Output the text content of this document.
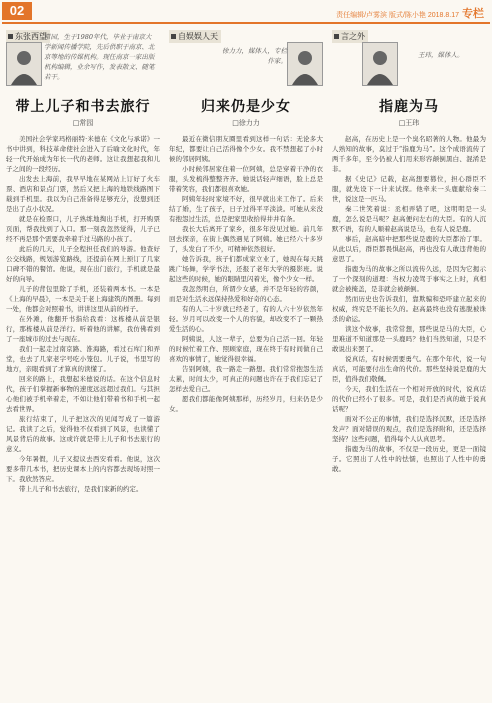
02	责任编辑/卢雾滨 版式/陈小艳 2018.8.17 专栏
东张西望
常园，生于1980年代，毕业于南京大学新闻传播学院，先后供职于南京、北京等地的传媒机构。现任南京一家出版机构编辑，业余写作，发表散文、随笔若干。
带上儿子和书去旅行
□常园

美国社会学家玛格丽特·米德在《文化与承诺》一书中讲到，科技革命使社会进入了后喻文化时代，年轻一代开始成为年长一代的老师。这让我想起我和儿子之间的一段经历。

出发去上海前，我早早地在某网站上订好了火车票、酒店和景点门票，然后又把上海的地铁线路图下载到手机里。我以为自己准备得足够充分，没想到还是出了点小状况。

就是在检票口，儿子熟练地掏出手机，打开购票页面，帮我找到了入口。那一刻我忽然觉得，儿子已经不再是那个需要我牵着手过马路的小孩了。

此后的几天，儿子全程担任我们的导游。他查好公交线路，规划游览路线，还提前在网上预订了几家口碑不错的餐馆。他说，现在出门旅行，手机就是最好的向导。

儿子的背包里除了手机，还装着两本书。一本是《上海的早晨》，一本是关于老上海建筑的图册。每到一处，他都会对照着书，讲讲这里从前的样子。

在外滩，他翻开书指给我看：这栋楼从前是银行，那栋楼从前是洋行。听着他的讲解，我仿佛看到了一座城市的过去与现在。

我们一起走过南京路、淮海路，看过石库门和弄堂，也去了几家老字号吃小笼包。儿子说，书里写的地方，亲眼看到了才算真的读懂了。

回来的路上，我想起米德说的话。在这个信息时代，孩子们掌握新事物的速度远远超过我们。与其担心他们被手机牵着走，不如让他们带着书和手机一起去看世界。

旅行结束了，儿子把这次的见闻写成了一篇游记。我读了之后，觉得他不仅看到了风景，也读懂了风景背后的故事。这或许就是带上儿子和书去旅行的意义。

今年暑假，儿子又提议去西安看看。他说，这次要多带几本书，把历史课本上的内容都去现场对照一下。我欣然答应。

带上儿子和书去旅行，是我们家新的约定。

自娱娱人天
徐力力，媒体人，专栏作家。
归来仍是少女
□徐力力

最近在微信朋友圈里看到这样一句话：无论多大年纪，都要让自己活得像个少女。我不禁想起了小时候的邻居阿姨。

小时候邻居家住着一位阿姨，总是穿着干净的衣服，头发梳得整整齐齐。她说话轻声细语，脸上总是带着笑容，我们都很喜欢她。

阿姨年轻时家境不好，很早就出来工作了。后来结了婚，生了孩子，日子过得平平淡淡。可她从来没有抱怨过生活，总是把家里收拾得井井有条。

我长大后离开了家乡，很多年没见过她。前几年回去探亲，在街上偶然遇见了阿姨。她已经六十多岁了，头发白了不少，可精神依然很好。

她告诉我，孩子们都成家立业了，她现在每天跳跳广场舞，学学书法，还报了老年大学的摄影班。说起这些的时候，她的眼睛里闪着光，像个少女一样。

我忽然明白，所谓少女感，并不是年轻的容颜，而是对生活永远保持热爱和好奇的心态。

有的人二十岁就已经老了，有的人六十岁依然年轻。岁月可以改变一个人的容貌，却改变不了一颗热爱生活的心。

阿姨说，人这一辈子，总要为自己活一回。年轻的时候忙着工作、照顾家庭，现在终于有时间做自己喜欢的事情了，她觉得很幸福。

告别阿姨，我一路走一路想。我们常常抱怨生活太累，时间太少，可真正的问题也许在于我们忘记了怎样去爱自己。

愿我们都能像阿姨那样，历经岁月，归来仍是少女。

言之外
王玮，媒体人。
指鹿为马
□王玮

赵高，在历史上是一个臭名昭著的人物。他最为人熟知的故事，莫过于“指鹿为马”。这个成语流传了两千多年，至今仍被人们用来形容颠倒黑白、混淆是非。

据《史记》记载，赵高想要篡位，担心群臣不服，就先设下一计来试探。他牵来一头鹿献给秦二世，说这是一匹马。

秦二世笑着说：丞相弄错了吧，这明明是一头鹿，怎么说是马呢？赵高便问左右的大臣。有的人沉默不语，有的人顺着赵高说是马，也有人说是鹿。

事后，赵高暗中把那些说是鹿的大臣都治了罪。从此以后，群臣都畏惧赵高，再也没有人敢违背他的意思了。

指鹿为马的故事之所以流传久远，是因为它揭示了一个深刻的道理：当权力凌驾于事实之上时，真相就会被掩盖，是非就会被颠倒。

然而历史也告诉我们，靠欺骗和恐吓建立起来的权威，终究是不能长久的。赵高最终也没有逃脱被诛杀的命运。

读这个故事，我常常想，那些说是马的大臣，心里难道不知道那是一头鹿吗？他们当然知道，只是不敢说出来罢了。

说真话，有时候需要勇气。在那个年代，说一句真话，可能要付出生命的代价。那些坚持说是鹿的大臣，值得我们敬佩。

今天，我们生活在一个相对开放的时代，说真话的代价已经小了很多。可是，我们是否真的敢于说真话呢？

面对不公正的事情，我们是选择沉默，还是选择发声？面对错误的观点，我们是选择附和，还是选择坚持？这些问题，值得每个人认真思考。

指鹿为马的故事，不仅是一段历史，更是一面镜子。它照出了人性中的怯懦，也照出了人性中的勇敢。
